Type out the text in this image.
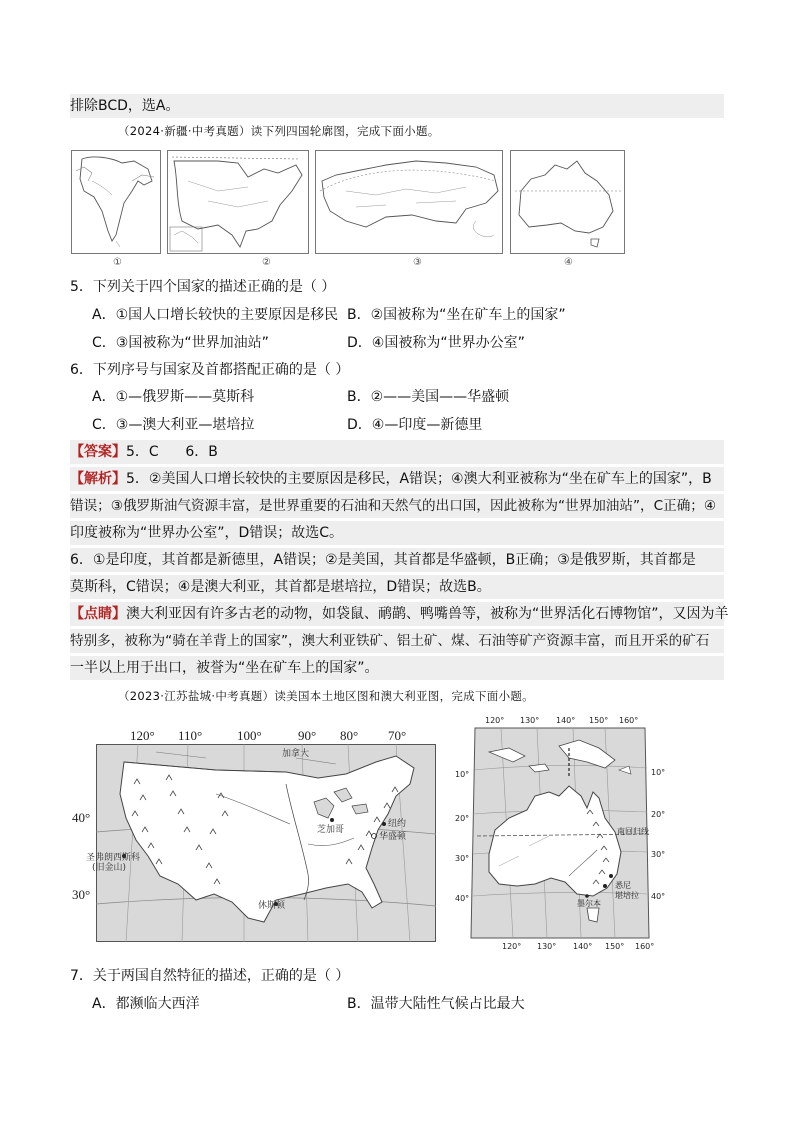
排除BCD，选A。
（2024·新疆·中考真题）读下列四国轮廓图，完成下面小题。
①	②	③	④
5．下列关于四个国家的描述正确的是（ ）
A．①国人口增长较快的主要原因是移民 B．②国被称为“坐在矿车上的国家”
C．③国被称为“世界加油站”	D．④国被称为“世界办公室”
6．下列序号与国家及首都搭配正确的是（ ）
A．①—俄罗斯——莫斯科	B．②——美国——华盛顿
C．③—澳大利亚—堪培拉	D．④—印度—新德里
【答案】5．C      6．B
【解析】5．②美国人口增长较快的主要原因是移民，A错误；④澳大利亚被称为“坐在矿车上的国家”，B
错误；③俄罗斯油气资源丰富，是世界重要的石油和天然气的出口国，因此被称为“世界加油站”，C正确；④
印度被称为“世界办公室”，D错误；故选C。
6．①是印度，其首都是新德里，A错误；②是美国，其首都是华盛顿，B正确；③是俄罗斯，其首都是
莫斯科，C错误；④是澳大利亚，其首都是堪培拉，D错误；故选B。
【点睛】澳大利亚因有许多古老的动物，如袋鼠、鸸鹋、鸭嘴兽等，被称为“世界活化石博物馆”，又因为羊
特别多，被称为“骑在羊背上的国家”，澳大利亚铁矿、铝土矿、煤、石油等矿产资源丰富，而且开采的矿石
一半以上用于出口，被誉为“坐在矿车上的国家”。
（2023·江苏盐城·中考真题）读美国本土地区图和澳大利亚图，完成下面小题。
120° 110°	100°	90° 80° 70°
40°
30°
加拿大
芝加哥
纽约
华盛顿
圣弗朗西斯科
(旧金山)
休斯顿
120° 130° 140° 150° 160°
120° 130° 140° 150° 160°
10°
20°
30°
40°
10°
20°
30°
40°
南回归线
悉尼
堪培拉
墨尔本
7．关于两国自然特征的描述，正确的是（ ）
A．都濒临大西洋	B．温带大陆性气候占比最大
